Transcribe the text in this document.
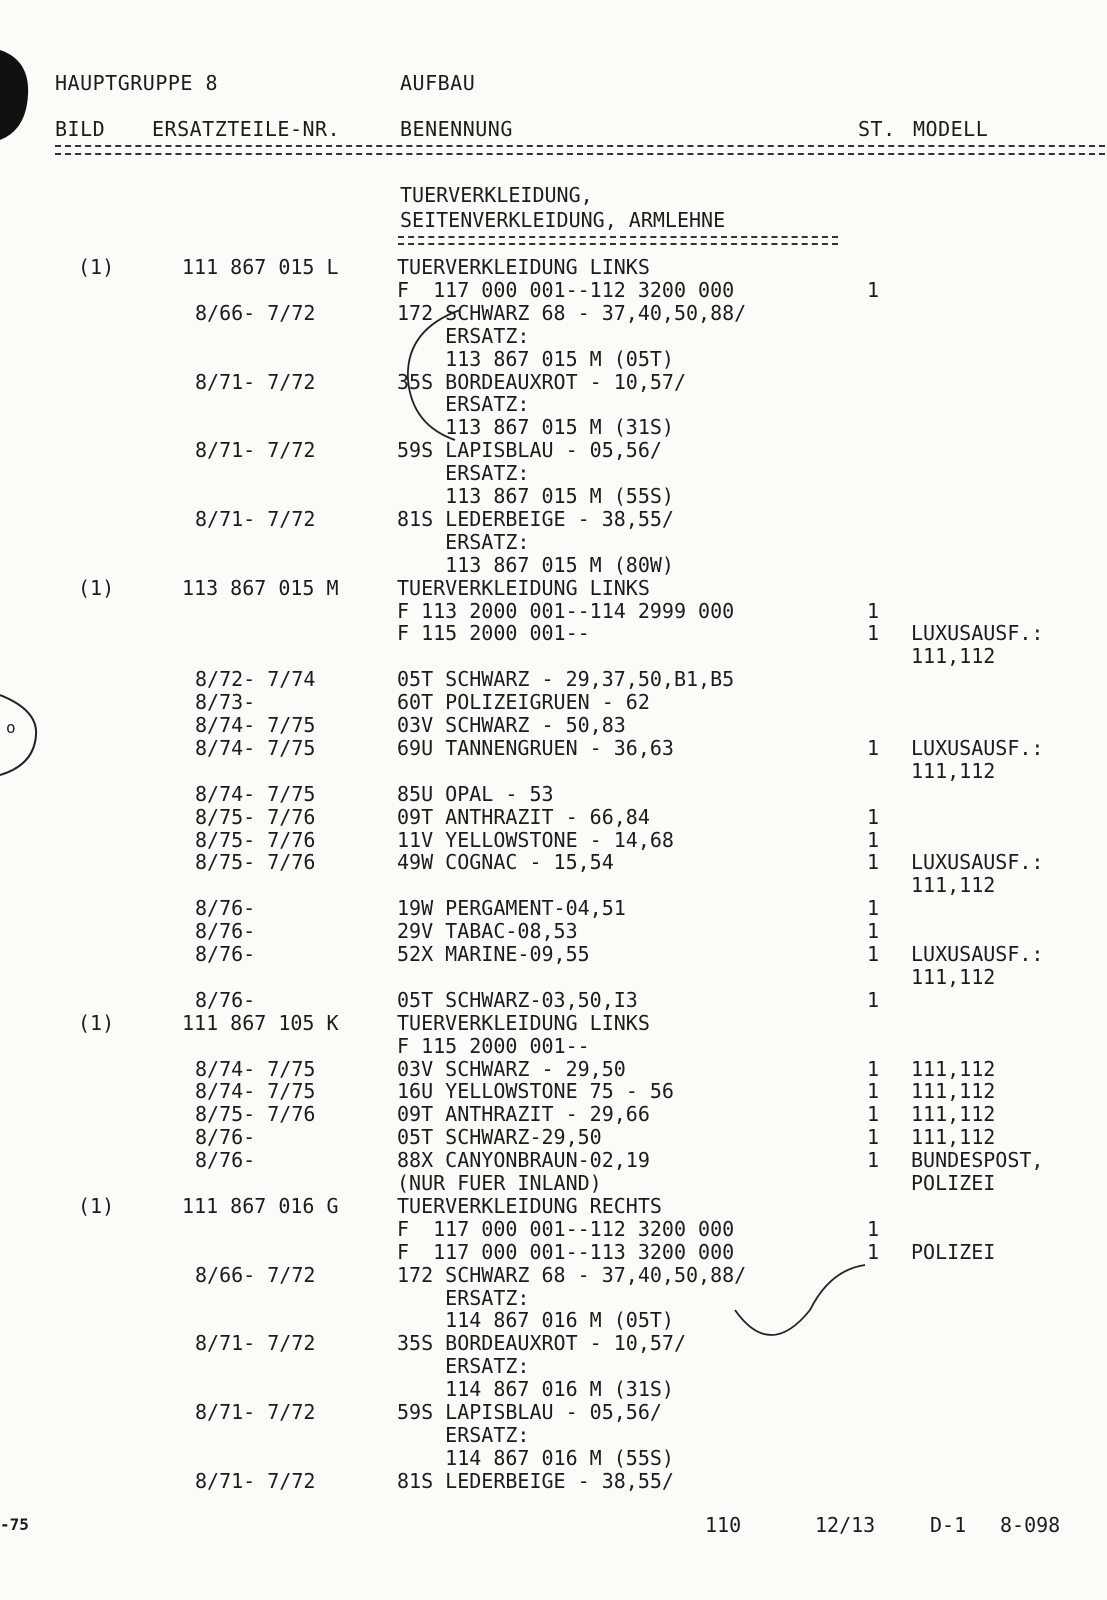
o
HAUPTGRUPPE 8	AUFBAU
BILD ERSATZTEILE-NR.	BENENNUNG	ST. MODELL
TUERVERKLEIDUNG,
SEITENVERKLEIDUNG, ARMLEHNE
(1)	111 867 015 L	TUERVERKLEIDUNG LINKS
F  117 000 001--112 3200 000	1
8/66- 7/72	172 SCHWARZ 68 - 37,40,50,88/
ERSATZ:
113 867 015 M (05T)
8/71- 7/72	35S BORDEAUXROT - 10,57/
ERSATZ:
113 867 015 M (31S)
8/71- 7/72	59S LAPISBLAU - 05,56/
ERSATZ:
113 867 015 M (55S)
8/71- 7/72	81S LEDERBEIGE - 38,55/
ERSATZ:
113 867 015 M (80W)
(1)	113 867 015 M	TUERVERKLEIDUNG LINKS
F 113 2000 001--114 2999 000	1
F 115 2000 001--	1 LUXUSAUSF.:
111,112
8/72- 7/74	05T SCHWARZ - 29,37,50,B1,B5
8/73-	60T POLIZEIGRUEN - 62
8/74- 7/75	03V SCHWARZ - 50,83
8/74- 7/75	69U TANNENGRUEN - 36,63	1 LUXUSAUSF.:
111,112
8/74- 7/75	85U OPAL - 53
8/75- 7/76	09T ANTHRAZIT - 66,84	1
8/75- 7/76	11V YELLOWSTONE - 14,68	1
8/75- 7/76	49W COGNAC - 15,54	1 LUXUSAUSF.:
111,112
8/76-	19W PERGAMENT-04,51	1
8/76-	29V TABAC-08,53	1
8/76-	52X MARINE-09,55	1 LUXUSAUSF.:
111,112
8/76-	05T SCHWARZ-03,50,I3	1
(1)	111 867 105 K	TUERVERKLEIDUNG LINKS
F 115 2000 001--
8/74- 7/75	03V SCHWARZ - 29,50	1 111,112
8/74- 7/75	16U YELLOWSTONE 75 - 56	1 111,112
8/75- 7/76	09T ANTHRAZIT - 29,66	1 111,112
8/76-	05T SCHWARZ-29,50	1 111,112
8/76-	88X CANYONBRAUN-02,19	1 BUNDESPOST,
(NUR FUER INLAND)	POLIZEI
(1)	111 867 016 G	TUERVERKLEIDUNG RECHTS
F  117 000 001--112 3200 000	1
F  117 000 001--113 3200 000	1 POLIZEI
8/66- 7/72	172 SCHWARZ 68 - 37,40,50,88/
ERSATZ:
114 867 016 M (05T)
8/71- 7/72	35S BORDEAUXROT - 10,57/
ERSATZ:
114 867 016 M (31S)
8/71- 7/72	59S LAPISBLAU - 05,56/
ERSATZ:
114 867 016 M (55S)
8/71- 7/72	81S LEDERBEIGE - 38,55/
-75	110	12/13	D-1 8-098
